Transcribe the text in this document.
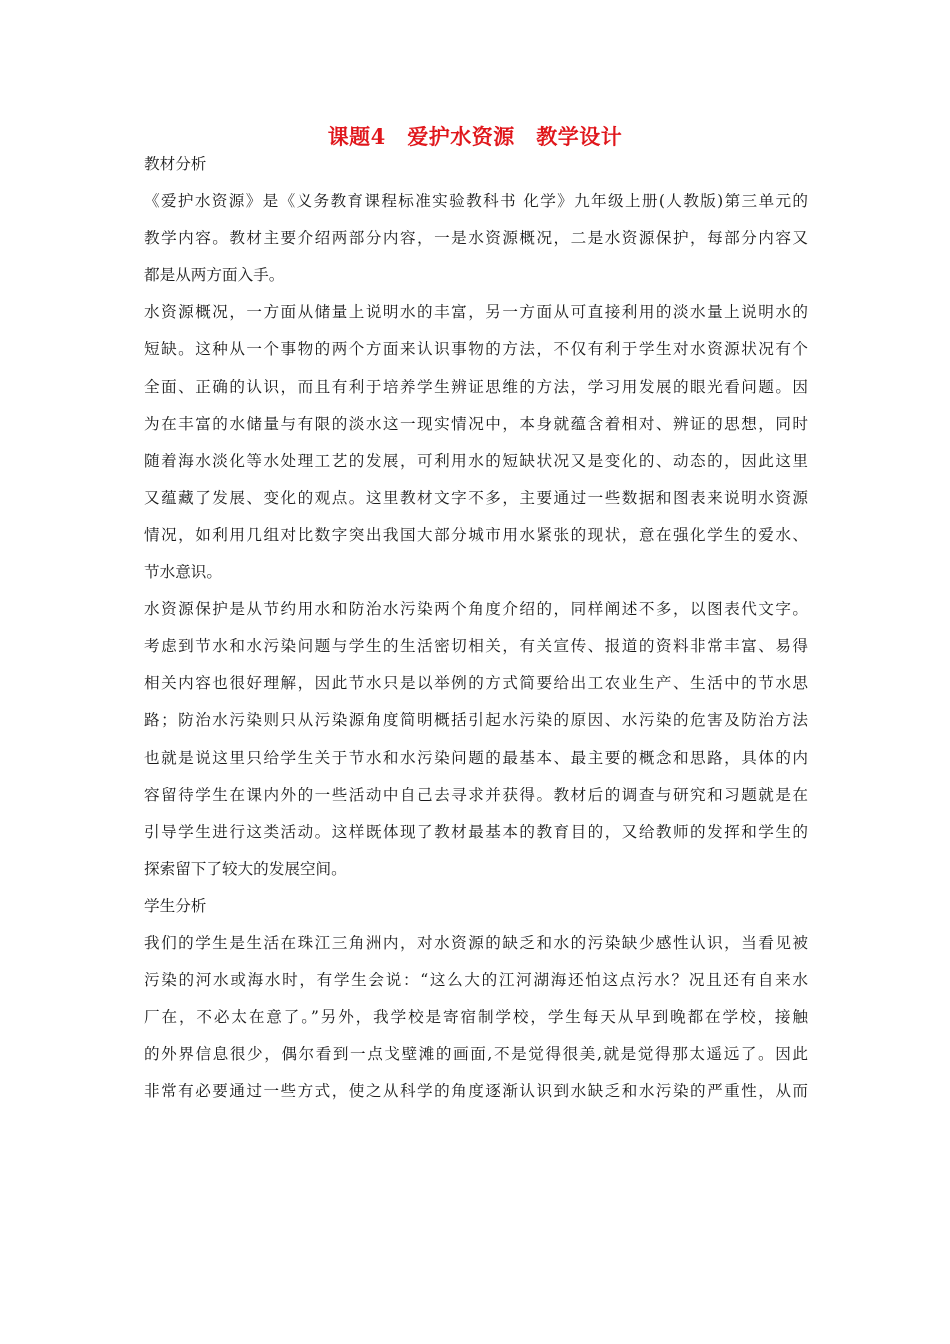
课题4　爱护水资源　教学设计
教材分析
《爱护水资源》是《义务教育课程标准实验教科书 化学》九年级上册(人教版)第三单元的
教学内容。教材主要介绍两部分内容，一是水资源概况，二是水资源保护，每部分内容又
都是从两方面入手。
水资源概况，一方面从储量上说明水的丰富，另一方面从可直接利用的淡水量上说明水的
短缺。这种从一个事物的两个方面来认识事物的方法，不仅有利于学生对水资源状况有个
全面、正确的认识，而且有利于培养学生辨证思维的方法，学习用发展的眼光看问题。因
为在丰富的水储量与有限的淡水这一现实情况中，本身就蕴含着相对、辨证的思想，同时
随着海水淡化等水处理工艺的发展，可利用水的短缺状况又是变化的、动态的，因此这里
又蕴藏了发展、变化的观点。这里教材文字不多，主要通过一些数据和图表来说明水资源
情况，如利用几组对比数字突出我国大部分城市用水紧张的现状，意在强化学生的爱水、
节水意识。
水资源保护是从节约用水和防治水污染两个角度介绍的，同样阐述不多，以图表代文字。
考虑到节水和水污染问题与学生的生活密切相关，有关宣传、报道的资料非常丰富、易得
相关内容也很好理解，因此节水只是以举例的方式简要给出工农业生产、生活中的节水思
路；防治水污染则只从污染源角度简明概括引起水污染的原因、水污染的危害及防治方法
也就是说这里只给学生关于节水和水污染问题的最基本、最主要的概念和思路，具体的内
容留待学生在课内外的一些活动中自己去寻求并获得。教材后的调查与研究和习题就是在
引导学生进行这类活动。这样既体现了教材最基本的教育目的，又给教师的发挥和学生的
探索留下了较大的发展空间。
学生分析
我们的学生是生活在珠江三角洲内，对水资源的缺乏和水的污染缺少感性认识，当看见被
污染的河水或海水时，有学生会说：“这么大的江河湖海还怕这点污水？况且还有自来水
厂在，不必太在意了。”另外，我学校是寄宿制学校，学生每天从早到晚都在学校，接触
的外界信息很少，偶尔看到一点戈壁滩的画面,不是觉得很美,就是觉得那太遥远了。因此
非常有必要通过一些方式，使之从科学的角度逐渐认识到水缺乏和水污染的严重性，从而
